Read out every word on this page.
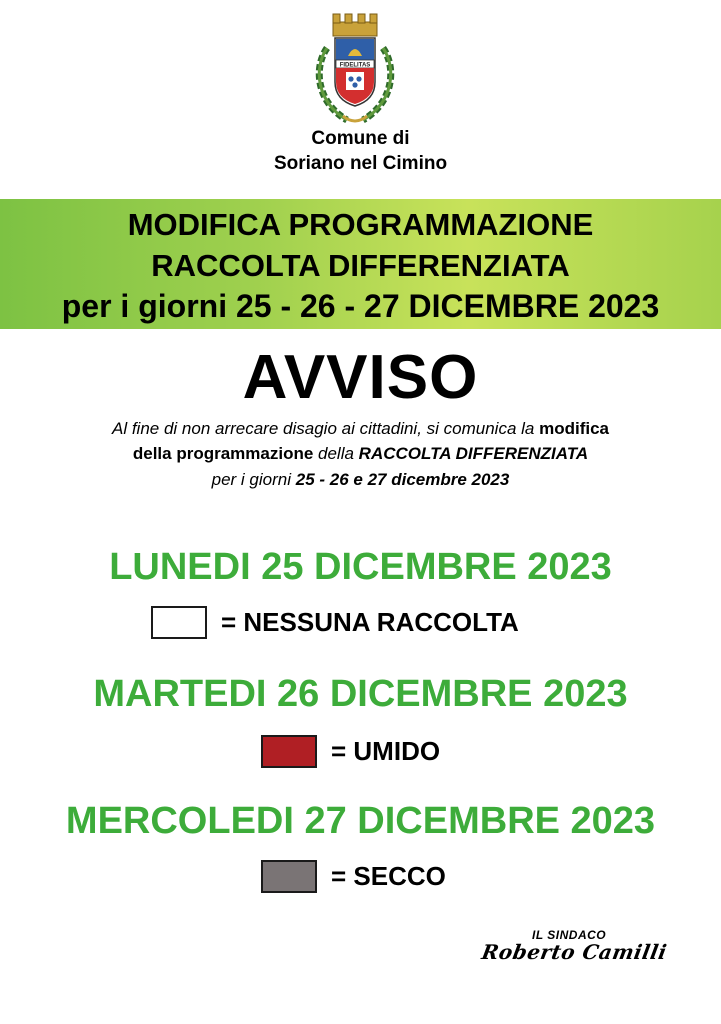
FIDELITAS
Comune di
Soriano nel Cimino
MODIFICA PROGRAMMAZIONE
RACCOLTA DIFFERENZIATA
per i giorni 25 - 26 - 27 DICEMBRE 2023
AVVISO
Al fine di non arrecare disagio ai cittadini, si comunica la modifica
della programmazione della RACCOLTA DIFFERENZIATA
per i giorni 25 - 26 e 27 dicembre 2023
LUNEDI 25 DICEMBRE 2023
= NESSUNA RACCOLTA
MARTEDI 26 DICEMBRE 2023
= UMIDO
MERCOLEDI 27 DICEMBRE 2023
= SECCO
IL SINDACO
Roberto Camilli
